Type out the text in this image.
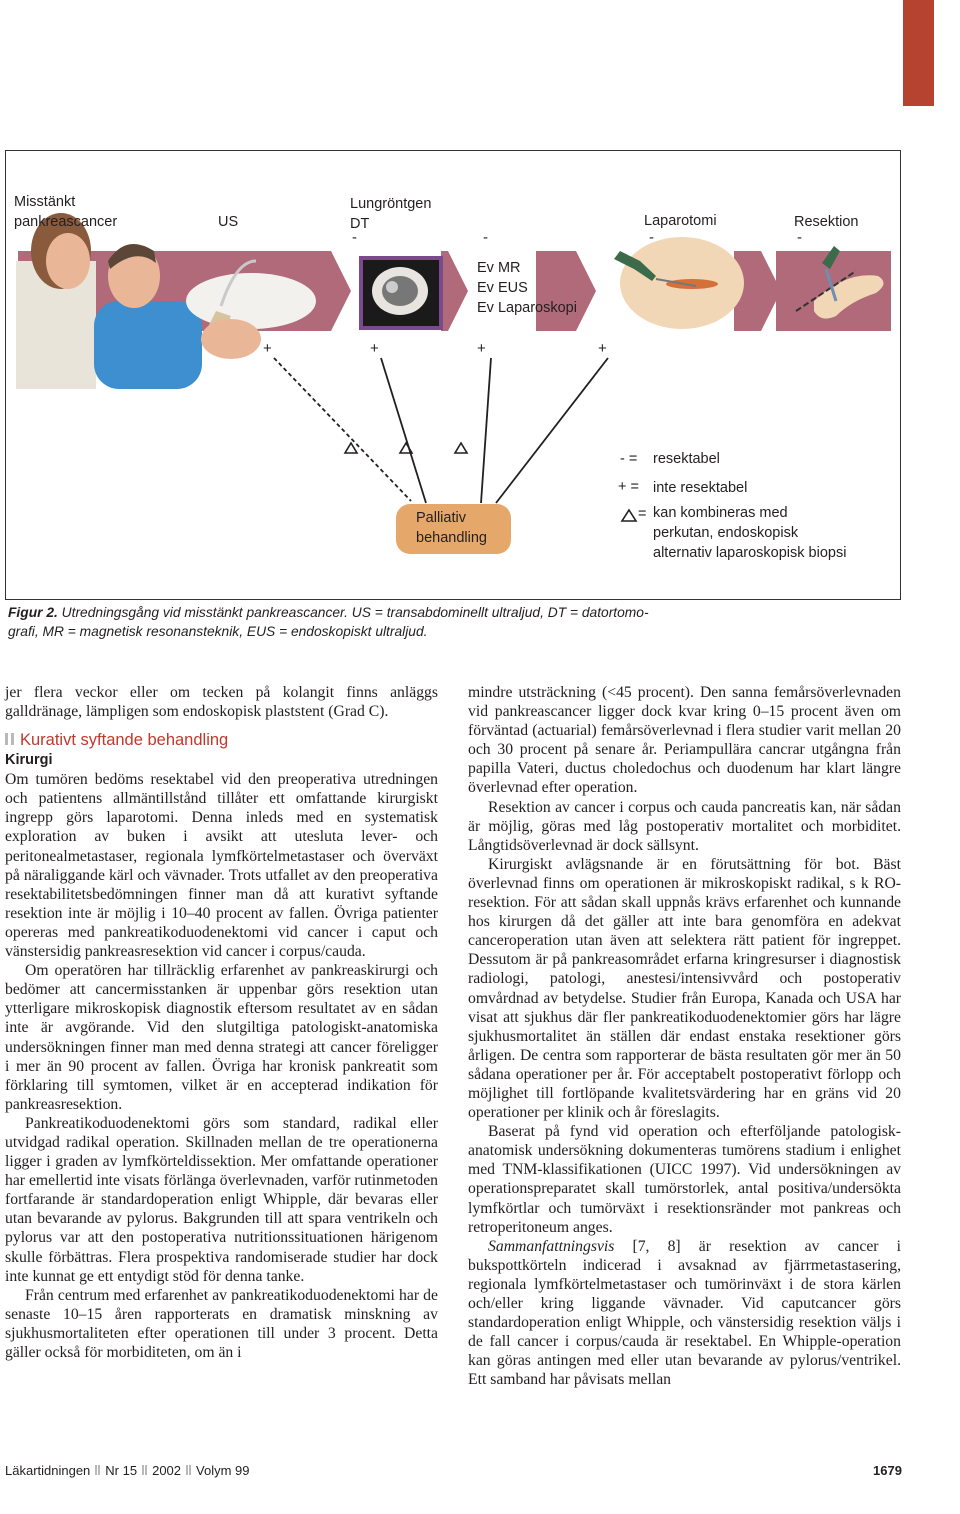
Misstänkt
pankreascancer	US
Lungröntgen
DT	Laparotomi	Resektion
Ev MR
Ev EUS
Ev Laparoskopi
-	-	-	-
+	+	+	+
- = resektabel
+ = inte resektabel
= kan kombineras med
perkutan, endoskopisk
alternativ laparoskopisk biopsi
Palliativ
behandling
Figur 2. Utredningsgång vid misstänkt pankreascancer. US = transabdominellt ultraljud, DT = datortomo-
grafi, MR = magnetisk resonansteknik, EUS = endoskopiskt ultraljud.

jer flera veckor eller om tecken på kolangit finns anläggs galldränage, lämpligen som endoskopisk plaststent (Grad C).

Kurativt syftande behandling
Kirurgi

Om tumören bedöms resektabel vid den preoperativa utredningen och patientens allmäntillstånd tillåter ett omfattande kirurgiskt ingrepp görs laparotomi. Denna inleds med en systematisk exploration av buken i avsikt att utesluta lever- och peritonealmetastaser, regionala lymfkörtelmetastaser och överväxt på näraliggande kärl och vävnader. Trots utfallet av den preoperativa resektabilitetsbedömningen finner man då att kurativt syftande resektion inte är möjlig i 10–40 procent av fallen. Övriga patienter opereras med pankreatikoduodenektomi vid cancer i caput och vänstersidig pankreasresektion vid cancer i corpus/cauda.

Om operatören har tillräcklig erfarenhet av pankreaskirurgi och bedömer att cancermisstanken är uppenbar görs resektion utan ytterligare mikroskopisk diagnostik eftersom resultatet av en sådan inte är avgörande. Vid den slutgiltiga patologiskt-anatomiska undersökningen finner man med denna strategi att cancer föreligger i mer än 90 procent av fallen. Övriga har kronisk pankreatit som förklaring till symtomen, vilket är en accepterad indikation för pankreasresektion.

Pankreatikoduodenektomi görs som standard, radikal eller utvidgad radikal operation. Skillnaden mellan de tre operationerna ligger i graden av lymfkörteldissektion. Mer omfattande operationer har emellertid inte visats förlänga överlevnaden, varför rutinmetoden fortfarande är standardoperation enligt Whipple, där bevaras eller utan bevarande av pylorus. Bakgrunden till att spara ventrikeln och pylorus var att den postoperativa nutritionssituationen härigenom skulle förbättras. Flera prospektiva randomiserade studier har dock inte kunnat ge ett entydigt stöd för denna tanke.

Från centrum med erfarenhet av pankreatikoduodenektomi har de senaste 10–15 åren rapporterats en dramatisk minskning av sjukhusmortaliteten efter operationen till under 3 procent. Detta gäller också för morbiditeten, om än i

mindre utsträckning (<45 procent). Den sanna femårsöverlevnaden vid pankreascancer ligger dock kvar kring 0–15 procent även om förväntad (actuarial) femårsöverlevnad i flera studier varit mellan 20 och 30 procent på senare år. Periampullära cancrar utgångna från papilla Vateri, ductus choledochus och duodenum har klart längre överlevnad efter operation.

Resektion av cancer i corpus och cauda pancreatis kan, när sådan är möjlig, göras med låg postoperativ mortalitet och morbiditet. Långtidsöverlevnad är dock sällsynt.

Kirurgiskt avlägsnande är en förutsättning för bot. Bäst överlevnad finns om operationen är mikroskopiskt radikal, s k RO-resektion. För att sådan skall uppnås krävs erfarenhet och kunnande hos kirurgen då det gäller att inte bara genomföra en adekvat canceroperation utan även att selektera rätt patient för ingreppet. Dessutom är på pankreasområdet erfarna kringresurser i diagnostisk radiologi, patologi, anestesi/intensivvård och postoperativ omvårdnad av betydelse. Studier från Europa, Kanada och USA har visat att sjukhus där fler pankreatikoduodenektomier görs har lägre sjukhusmortalitet än ställen där endast enstaka resektioner görs årligen. De centra som rapporterar de bästa resultaten gör mer än 50 sådana operationer per år. För acceptabelt postoperativt förlopp och möjlighet till fortlöpande kvalitetsvärdering har en gräns vid 20 operationer per klinik och år föreslagits.

Baserat på fynd vid operation och efterföljande patologisk-anatomisk undersökning dokumenteras tumörens stadium i enlighet med TNM-klassifikationen (UICC 1997). Vid undersökningen av operationspreparatet skall tumörstorlek, antal positiva/undersökta lymfkörtlar och tumörväxt i resektionsränder mot pankreas och retroperitoneum anges.

Sammanfattningsvis [7, 8] är resektion av cancer i bukspottkörteln indicerad i avsaknad av fjärrmetastasering, regionala lymfkörtelmetastaser och tumörinväxt i de stora kärlen och/eller kring liggande vävnader. Vid caputcancer görs standardoperation enligt Whipple, och vänstersidig resektion väljs i de fall cancer i corpus/cauda är resektabel. En Whipple-operation kan göras antingen med eller utan bevarande av pylorus/ventrikel. Ett samband har påvisats mellan

Läkartidningen Nr 15 2002 Volym 99	1679
